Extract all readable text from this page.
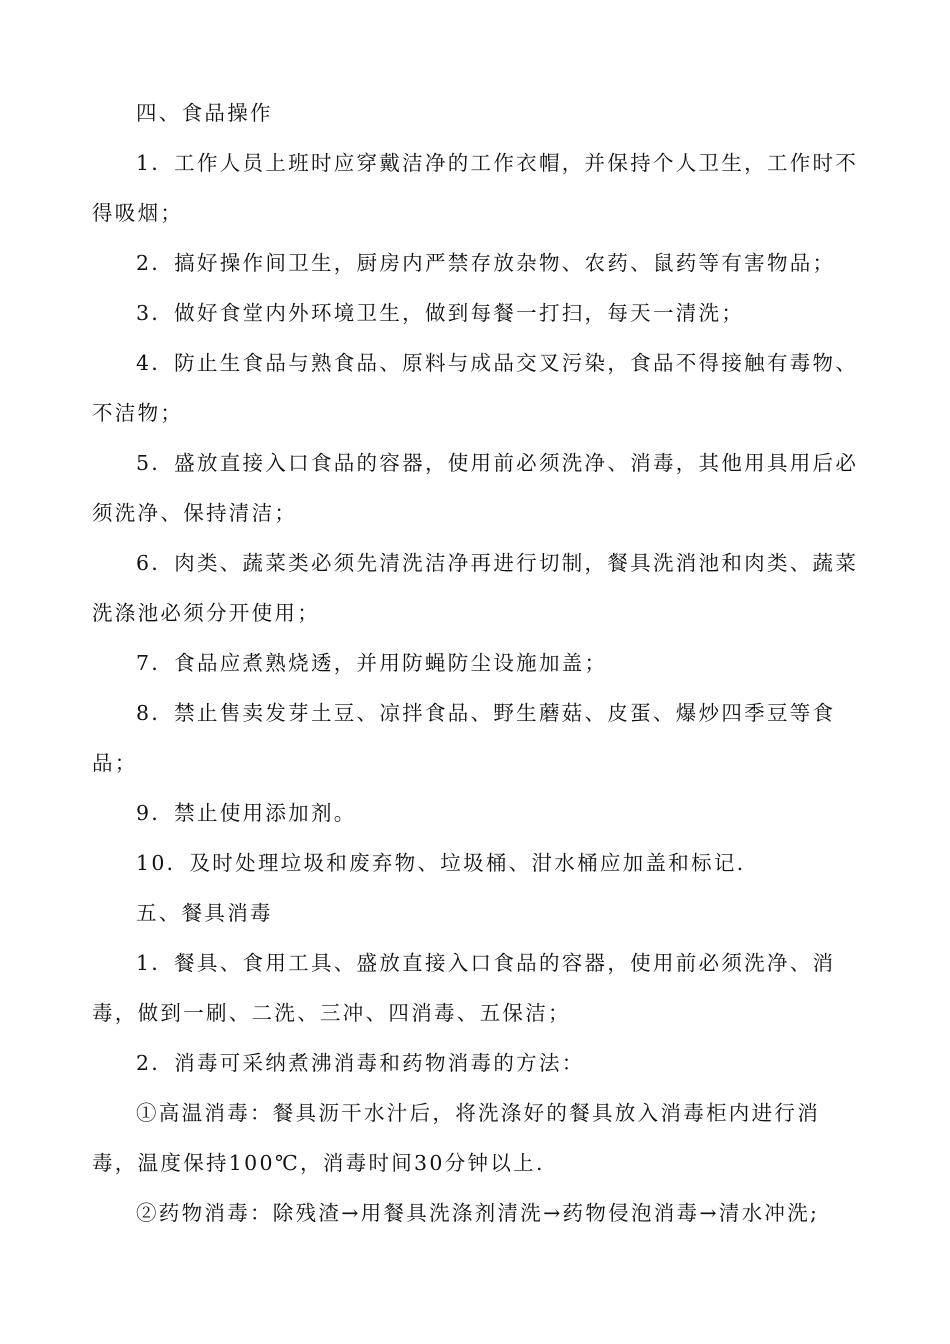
四、食品操作

1．工作人员上班时应穿戴洁净的工作衣帽，并保持个人卫生，工作时不得吸烟；

2．搞好操作间卫生，厨房内严禁存放杂物、农药、鼠药等有害物品；

3．做好食堂内外环境卫生，做到每餐一打扫，每天一清洗；

4．防止生食品与熟食品、原料与成品交叉污染，食品不得接触有毒物、不洁物；

5．盛放直接入口食品的容器，使用前必须洗净、消毒，其他用具用后必须洗净、保持清洁；

6．肉类、蔬菜类必须先清洗洁净再进行切制，餐具洗消池和肉类、蔬菜洗涤池必须分开使用；

7．食品应煮熟烧透，并用防蝇防尘设施加盖；

8．禁止售卖发芽土豆、凉拌食品、野生蘑菇、皮蛋、爆炒四季豆等食品；

9．禁止使用添加剂。

10．及时处理垃圾和废弃物、垃圾桶、泔水桶应加盖和标记.

五、餐具消毒

1．餐具、食用工具、盛放直接入口食品的容器，使用前必须洗净、消毒，做到一刷、二洗、三冲、四消毒、五保洁；

2．消毒可采纳煮沸消毒和药物消毒的方法：

①高温消毒：餐具沥干水汁后，将洗涤好的餐具放入消毒柜内进行消毒，温度保持100℃，消毒时间30分钟以上.

②药物消毒：除残渣→用餐具洗涤剂清洗→药物侵泡消毒→清水冲洗;
